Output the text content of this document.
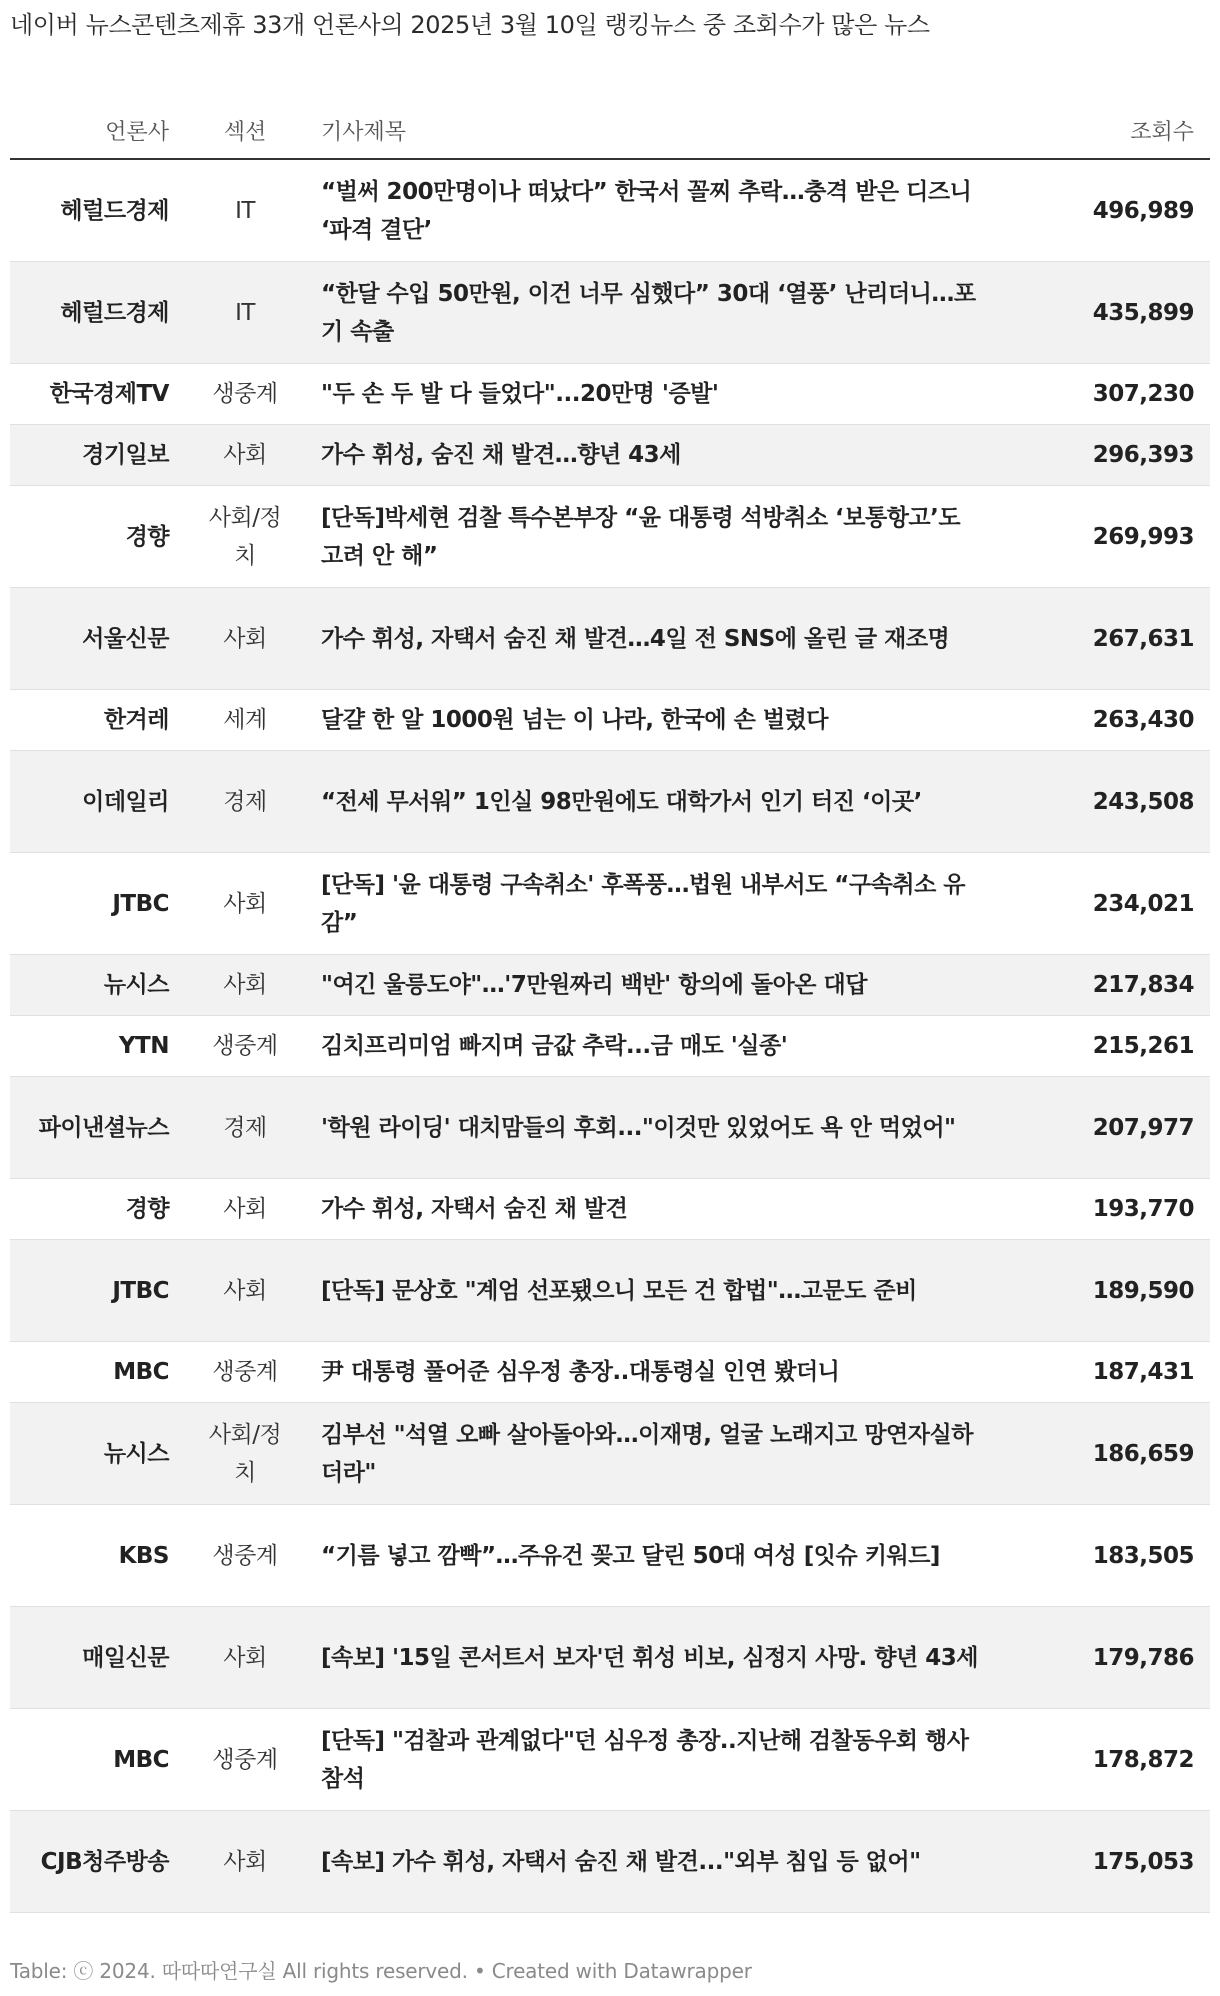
네이버 뉴스콘텐츠제휴 33개 언론사의 2025년 3월 10일 랭킹뉴스 중 조회수가 많은 뉴스
언론사	섹션	기사제목	조회수
헤럴드경제	IT	“벌써 200만명이나 떠났다” 한국서 꼴찌 추락…충격 받은 디즈니 ‘파격 결단’	496,989
헤럴드경제	IT	“한달 수입 50만원, 이건 너무 심했다” 30대 ‘열풍’ 난리더니…포기 속출	435,899
한국경제TV	생중계	"두 손 두 발 다 들었다"...20만명 '증발'	307,230
경기일보	사회	가수 휘성, 숨진 채 발견…향년 43세	296,393
경향	사회/정치	[단독]박세현 검찰 특수본부장 “윤 대통령 석방취소 ‘보통항고’도 고려 안 해”	269,993
서울신문	사회	가수 휘성, 자택서 숨진 채 발견…4일 전 SNS에 올린 글 재조명	267,631
한겨레	세계	달걀 한 알 1000원 넘는 이 나라, 한국에 손 벌렸다	263,430
이데일리	경제	“전세 무서워” 1인실 98만원에도 대학가서 인기 터진 ‘이곳’	243,508
JTBC	사회	[단독] '윤 대통령 구속취소' 후폭풍…법원 내부서도 “구속취소 유감”	234,021
뉴시스	사회	"여긴 울릉도야"…'7만원짜리 백반' 항의에 돌아온 대답	217,834
YTN	생중계	김치프리미엄 빠지며 금값 추락...금 매도 '실종'	215,261
파이낸셜뉴스	경제	'학원 라이딩' 대치맘들의 후회..."이것만 있었어도 욕 안 먹었어"	207,977
경향	사회	가수 휘성, 자택서 숨진 채 발견	193,770
JTBC	사회	[단독] 문상호 "계엄 선포됐으니 모든 건 합법"…고문도 준비	189,590
MBC	생중계	尹 대통령 풀어준 심우정 총장..대통령실 인연 봤더니	187,431
뉴시스	사회/정치	김부선 "석열 오빠 살아돌아와…이재명, 얼굴 노래지고 망연자실하더라"	186,659
KBS	생중계	“기름 넣고 깜빡”…주유건 꽂고 달린 50대 여성 [잇슈 키워드]	183,505
매일신문	사회	[속보] '15일 콘서트서 보자'던 휘성 비보, 심정지 사망. 향년 43세	179,786
MBC	생중계	[단독] "검찰과 관계없다"던 심우정 총장..지난해 검찰동우회 행사 참석	178,872
CJB청주방송	사회	[속보] 가수 휘성, 자택서 숨진 채 발견..."외부 침입 등 없어"	175,053
Table: ⓒ 2024. 따따따연구실 All rights reserved. • Created with Datawrapper
